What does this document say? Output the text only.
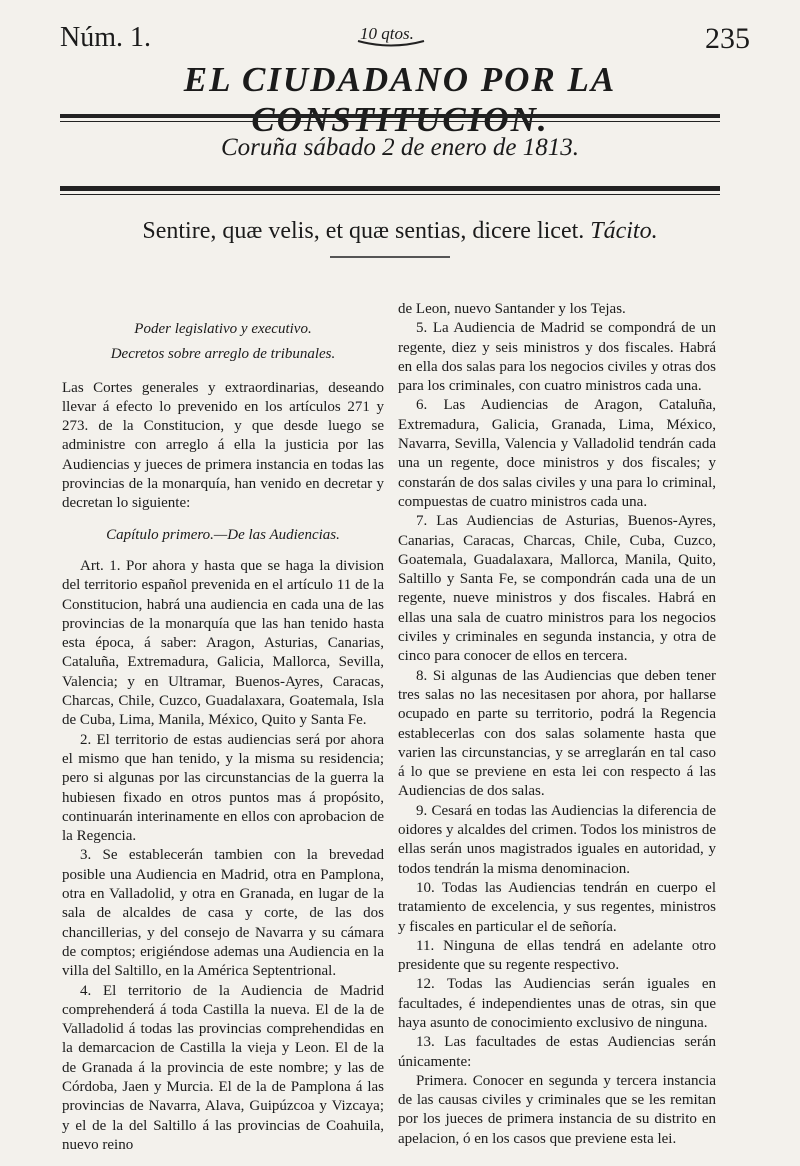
Núm. 1.	10 qtos.	235
EL CIUDADANO POR LA CONSTITUCION.
Coruña sábado 2 de enero de 1813.
Sentire, quæ velis, et quæ sentias, dicere licet. Tácito.

Poder legislativo y executivo.

Decretos sobre arreglo de tribunales.

Las Cortes generales y extraordinarias, deseando llevar á efecto lo prevenido en los artículos 271 y 273. de la Constitucion, y que desde luego se administre con arreglo á ella la justicia por las Audiencias y jueces de primera instancia en todas las provincias de la monarquía, han venido en decretar y decretan lo siguiente:

Capítulo primero.—De las Audiencias.

Art. 1. Por ahora y hasta que se haga la division del territorio español prevenida en el artículo 11 de la Constitucion, habrá una audiencia en cada una de las provincias de la monarquía que las han tenido hasta esta época, á saber: Aragon, Asturias, Canarias, Cataluña, Extremadura, Galicia, Mallorca, Sevilla, Valencia; y en Ultramar, Buenos-Ayres, Caracas, Charcas, Chile, Cuzco, Guadalaxara, Goatemala, Isla de Cuba, Lima, Manila, México, Quito y Santa Fe.

2. El territorio de estas audiencias será por ahora el mismo que han tenido, y la misma su residencia; pero si algunas por las circunstancias de la guerra la hubiesen fixado en otros puntos mas á propósito, continuarán interinamente en ellos con aprobacion de la Regencia.

3. Se establecerán tambien con la brevedad posible una Audiencia en Madrid, otra en Pamplona, otra en Valladolid, y otra en Granada, en lugar de la sala de alcaldes de casa y corte, de las dos chancillerias, y del consejo de Navarra y su cámara de comptos; erigiéndose ademas una Audiencia en la villa del Saltillo, en la América Septentrional.

4. El territorio de la Audiencia de Madrid comprehenderá á toda Castilla la nueva. El de la de Valladolid á todas las provincias comprehendidas en la demarcacion de Castilla la vieja y Leon. El de la de Granada á la provincia de este nombre; y las de Córdoba, Jaen y Murcia. El de la de Pamplona á las provincias de Navarra, Alava, Guipúzcoa y Vizcaya; y el de la del Saltillo á las provincias de Coahuila, nuevo reino

de Leon, nuevo Santander y los Tejas.

5. La Audiencia de Madrid se compondrá de un regente, diez y seis ministros y dos fiscales. Habrá en ella dos salas para los negocios civiles y otras dos para los criminales, con cuatro ministros cada una.

6. Las Audiencias de Aragon, Cataluña, Extremadura, Galicia, Granada, Lima, México, Navarra, Sevilla, Valencia y Valladolid tendrán cada una un regente, doce ministros y dos fiscales; y constarán de dos salas civiles y una para lo criminal, compuestas de cuatro ministros cada una.

7. Las Audiencias de Asturias, Buenos-Ayres, Canarias, Caracas, Charcas, Chile, Cuba, Cuzco, Goatemala, Guadalaxara, Mallorca, Manila, Quito, Saltillo y Santa Fe, se compondrán cada una de un regente, nueve ministros y dos fiscales. Habrá en ellas una sala de cuatro ministros para los negocios civiles y criminales en segunda instancia, y otra de cinco para conocer de ellos en tercera.

8. Si algunas de las Audiencias que deben tener tres salas no las necesitasen por ahora, por hallarse ocupado en parte su territorio, podrá la Regencia establecerlas con dos salas solamente hasta que varien las circunstancias, y se arreglarán en tal caso á lo que se previene en esta lei con respecto á las Audiencias de dos salas.

9. Cesará en todas las Audiencias la diferencia de oidores y alcaldes del crimen. Todos los ministros de ellas serán unos magistrados iguales en autoridad, y todos tendrán la misma denominacion.

10. Todas las Audiencias tendrán en cuerpo el tratamiento de excelencia, y sus regentes, ministros y fiscales en particular el de señoría.

11. Ninguna de ellas tendrá en adelante otro presidente que su regente respectivo.

12. Todas las Audiencias serán iguales en facultades, é independientes unas de otras, sin que haya asunto de conocimiento exclusivo de ninguna.

13. Las facultades de estas Audiencias serán únicamente:

Primera. Conocer en segunda y tercera instancia de las causas civiles y criminales que se les remitan por los jueces de primera instancia de su distrito en apelacion, ó en los casos que previene esta lei.
